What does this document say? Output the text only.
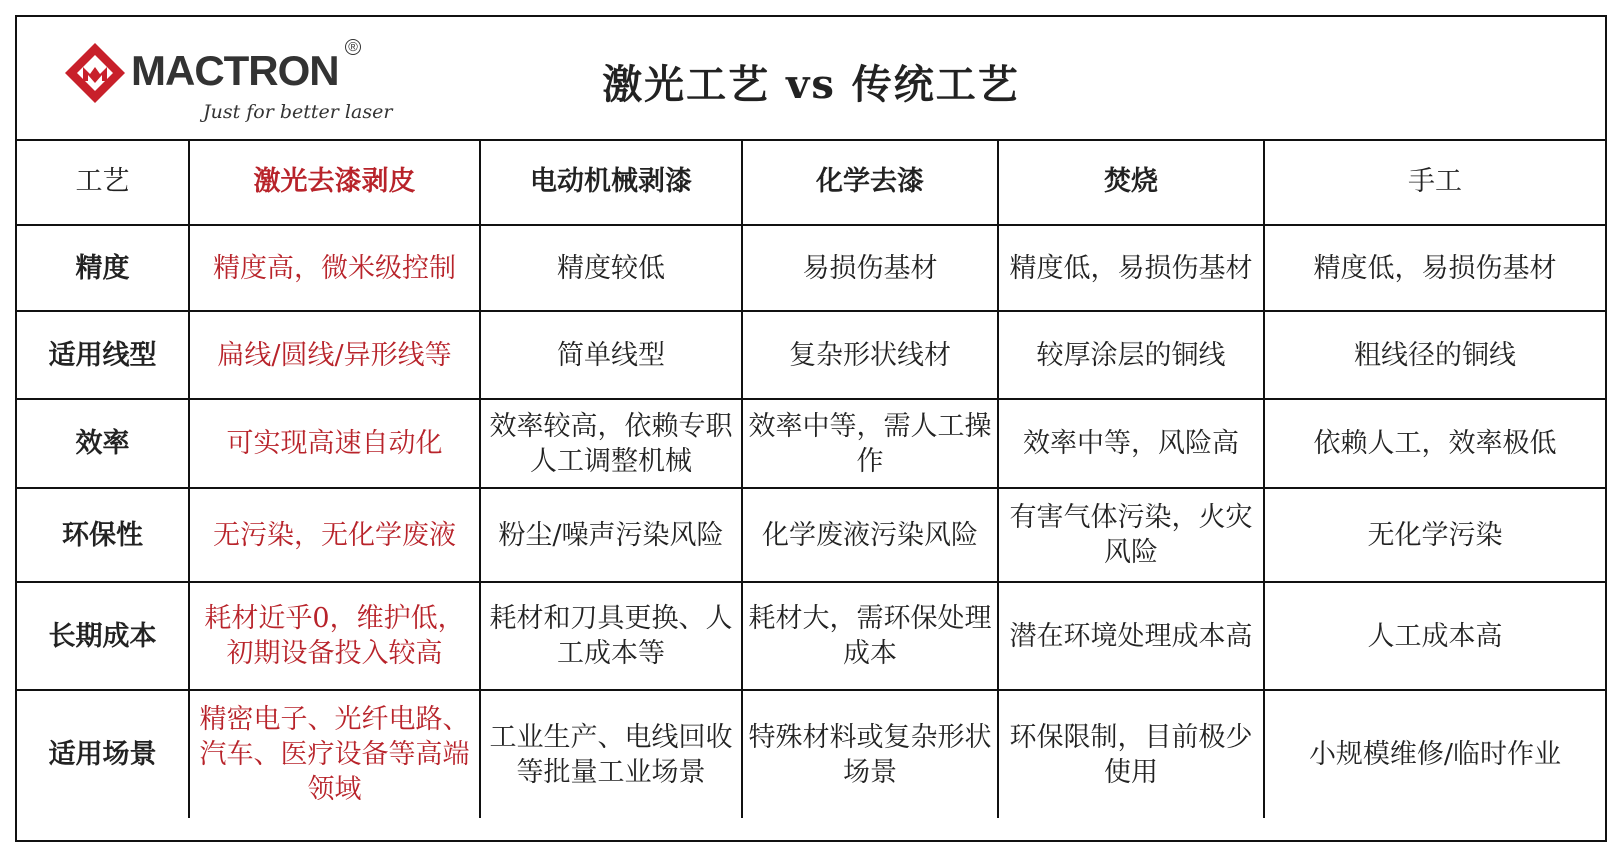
MACTRON
®
Just for better laser
激光工艺 vs 传统工艺
工艺	激光去漆剥皮	电动机械剥漆	化学去漆	焚烧	手工
精度	精度高，微米级控制	精度较低	易损伤基材	精度低，易损伤基材	精度低，易损伤基材
适用线型	扁线/圆线/异形线等	简单线型	复杂形状线材	较厚涂层的铜线	粗线径的铜线
效率	可实现高速自动化	效率较高，依赖专职人工调整机械	效率中等，需人工操作	效率中等，风险高	依赖人工，效率极低
环保性	无污染，无化学废液	粉尘/噪声污染风险	化学废液污染风险	有害气体污染，火灾风险	无化学污染
长期成本	耗材近乎0，维护低，初期设备投入较高	耗材和刀具更换、人工成本等	耗材大，需环保处理成本	潜在环境处理成本高	人工成本高
适用场景	精密电子、光纤电路、汽车、医疗设备等高端领域	工业生产、电线回收等批量工业场景	特殊材料或复杂形状场景	环保限制，目前极少使用	小规模维修/临时作业
